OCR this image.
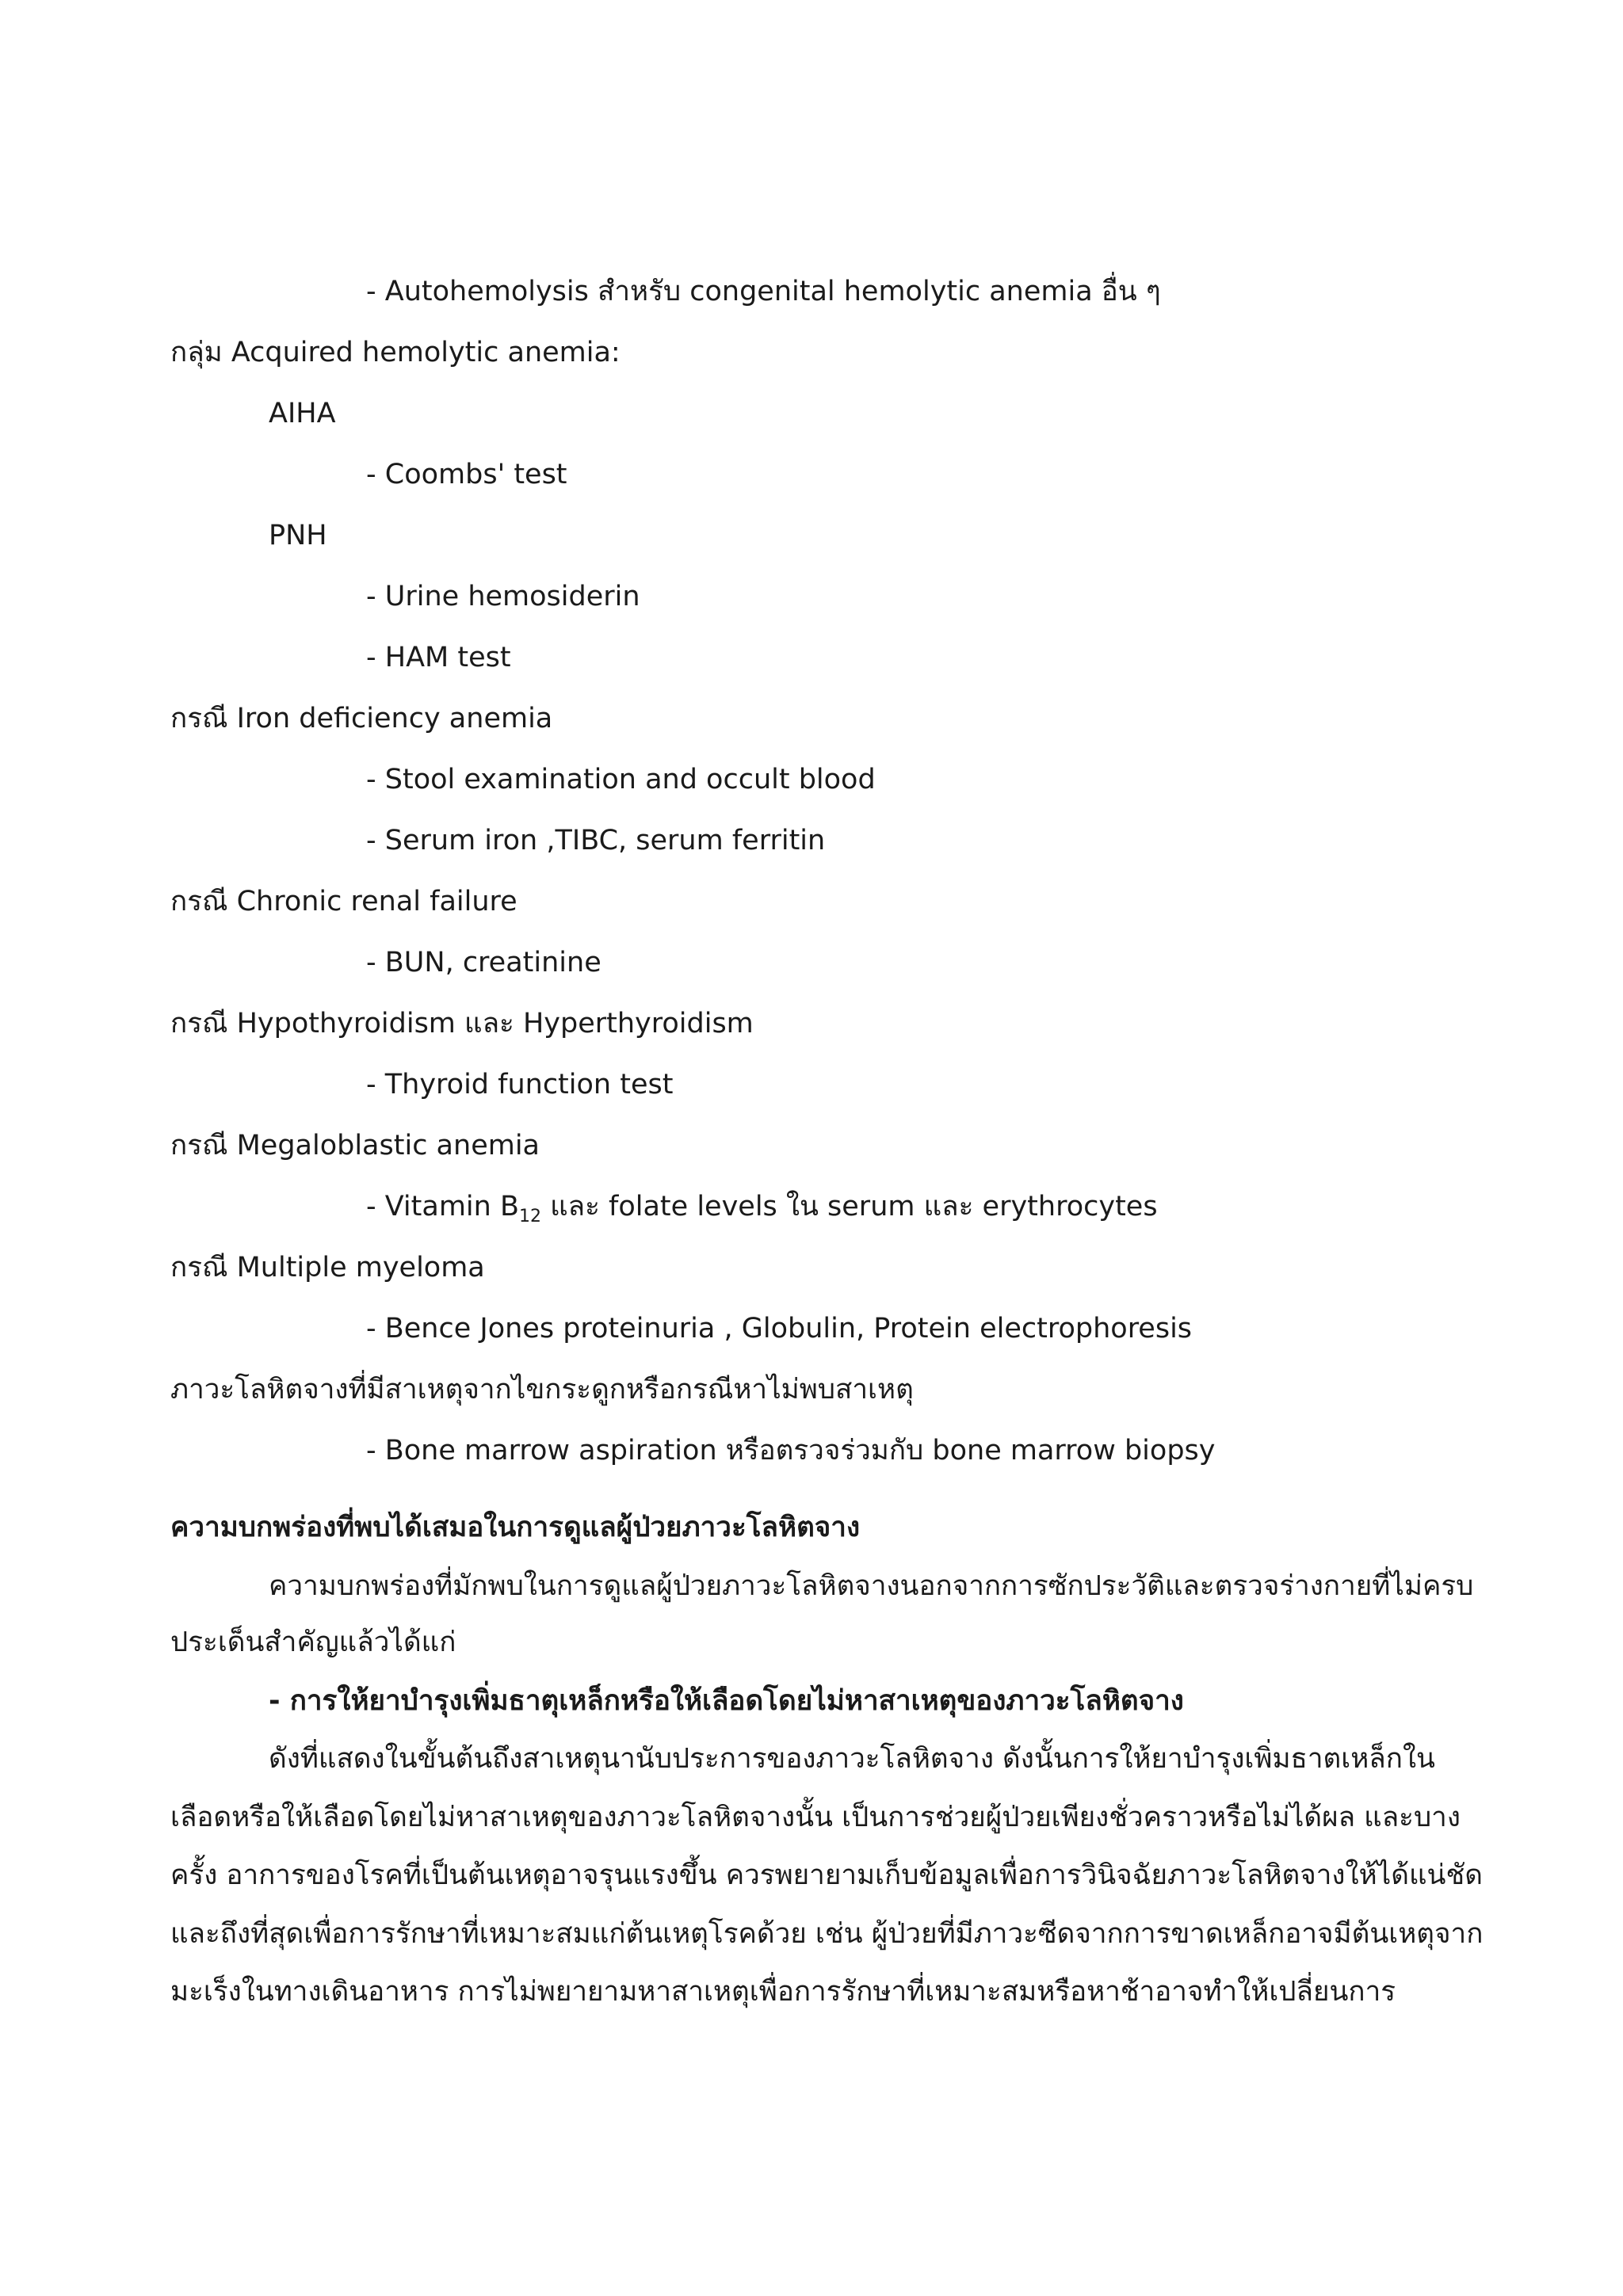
- Autohemolysis สำหรับ congenital hemolytic anemia อื่น ๆ
กลุ่ม Acquired hemolytic anemia:
AIHA
- Coombs' test
PNH
- Urine hemosiderin
- HAM test
กรณี Iron deficiency anemia
- Stool examination and occult blood
- Serum iron ,TIBC, serum ferritin
กรณี Chronic renal failure
- BUN, creatinine
กรณี Hypothyroidism และ Hyperthyroidism
- Thyroid function test
กรณี Megaloblastic anemia
- Vitamin $B_{12}$ และ folate levels ใน serum และ erythrocytes
กรณี Multiple myeloma
- Bence Jones proteinuria , Globulin, Protein electrophoresis
ภาวะโลหิตจางที่มีสาเหตุจากไขกระดูกหรือกรณีหาไม่พบสาเหตุ
- Bone marrow aspiration หรือตรวจร่วมกับ bone marrow biopsy
ความบกพร่องที่พบได้เสมอในการดูแลผู้ป่วยภาวะโลหิตจาง
ความบกพร่องที่มักพบในการดูแลผู้ป่วยภาวะโลหิตจางนอกจากการซักประวัติและตรวจร่างกายที่ไม่ครบ
ประเด็นสำคัญแล้วได้แก่
- การให้ยาบำรุงเพิ่มธาตุเหล็กหรือให้เลือดโดยไม่หาสาเหตุของภาวะโลหิตจาง
ดังที่แสดงในขั้นต้นถึงสาเหตุนานับประการของภาวะโลหิตจาง ดังนั้นการให้ยาบำรุงเพิ่มธาตเหล็กใน
เลือดหรือให้เลือดโดยไม่หาสาเหตุของภาวะโลหิตจางนั้น เป็นการช่วยผู้ป่วยเพียงชั่วคราวหรือไม่ได้ผล และบาง
ครั้ง อาการของโรคที่เป็นต้นเหตุอาจรุนแรงขึ้น ควรพยายามเก็บข้อมูลเพื่อการวินิจฉัยภาวะโลหิตจางให้ได้แน่ชัด
และถึงที่สุดเพื่อการรักษาที่เหมาะสมแก่ต้นเหตุโรคด้วย เช่น ผู้ป่วยที่มีภาวะซีดจากการขาดเหล็กอาจมีต้นเหตุจาก
มะเร็งในทางเดินอาหาร การไม่พยายามหาสาเหตุเพื่อการรักษาที่เหมาะสมหรือหาช้าอาจทำให้เปลี่ยนการ
